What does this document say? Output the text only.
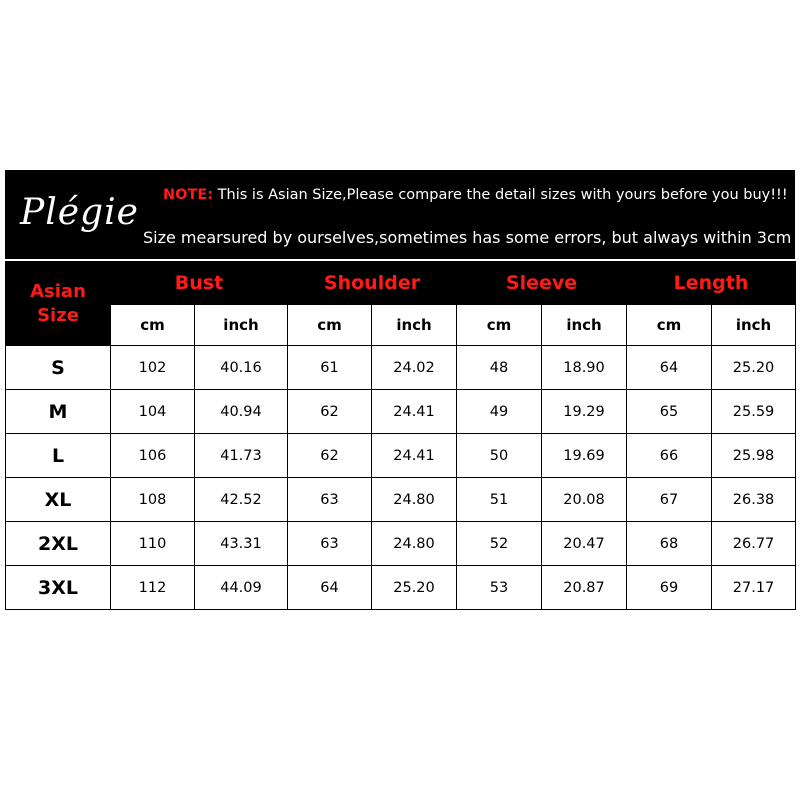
Plégie NOTE: This is Asian Size,Please compare the detail sizes with yours before you buy!!!
Size mearsured by ourselves,sometimes has some errors, but always within 3cm
Asian
Size	Bust		Shoulder		Sleeve		Length	
	cm	inch	cm	inch	cm	inch	cm	inch
S	102	40.16	61	24.02	48	18.90	64	25.20
M	104	40.94	62	24.41	49	19.29	65	25.59
L	106	41.73	62	24.41	50	19.69	66	25.98
XL	108	42.52	63	24.80	51	20.08	67	26.38
2XL	110	43.31	63	24.80	52	20.47	68	26.77
3XL	112	44.09	64	25.20	53	20.87	69	27.17
